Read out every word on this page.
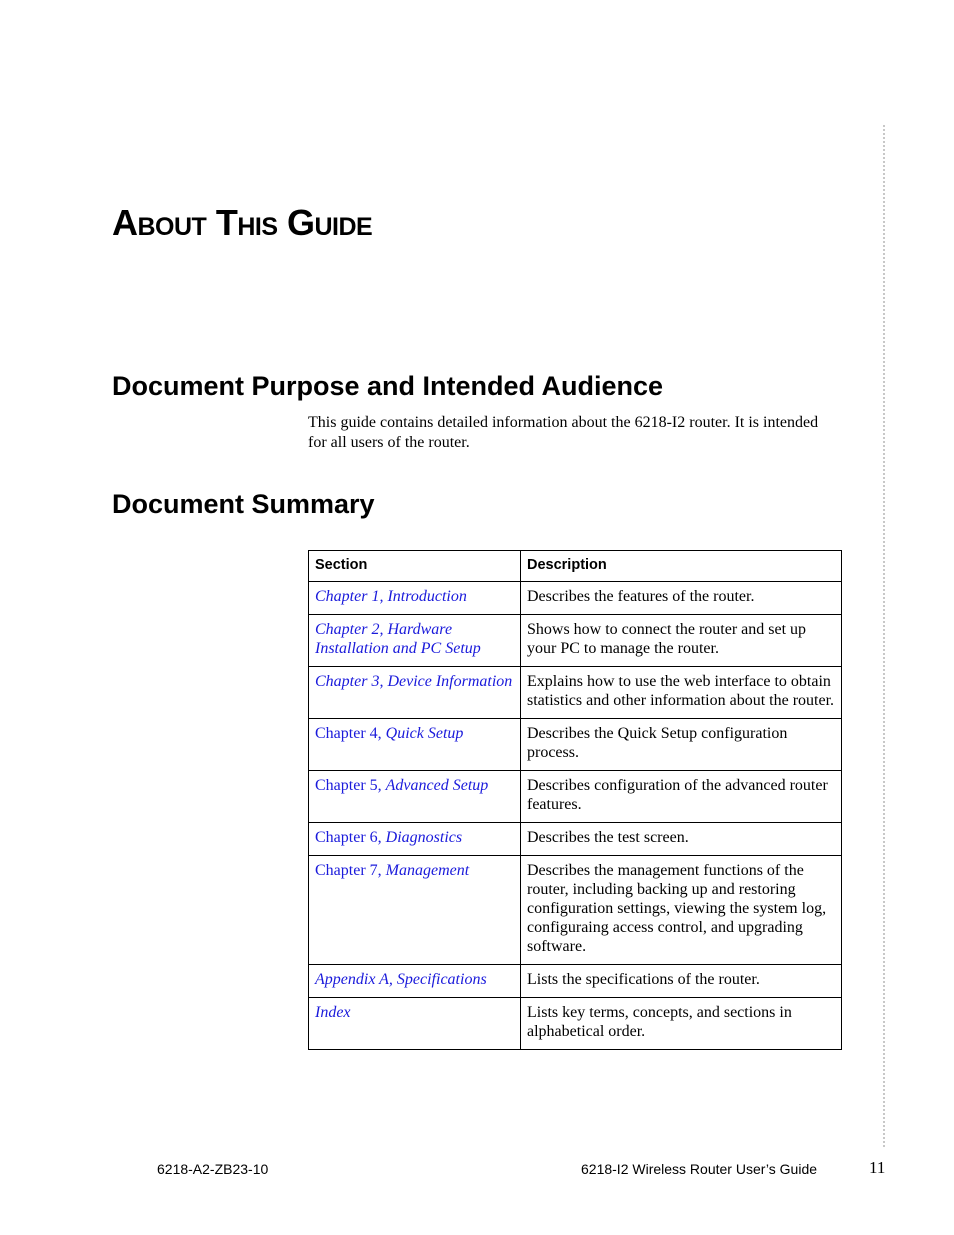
About This Guide
Document Purpose and Intended Audience

This guide contains detailed information about the 6218-I2 router. It is intended for all users of the router.

Document Summary
Section	Description
Chapter 1, Introduction	Describes the features of the router.
Chapter 2, Hardware Installation and PC Setup	Shows how to connect the router and set up your PC to manage the router.
Chapter 3, Device Information	Explains how to use the web interface to obtain statistics and other information about the router.
Chapter 4, Quick Setup	Describes the Quick Setup configuration process.
Chapter 5, Advanced Setup	Describes configuration of the advanced router features.
Chapter 6, Diagnostics	Describes the test screen.
Chapter 7, Management	Describes the management functions of the router, including backing up and restoring configuration settings, viewing the system log, configuraing access control, and upgrading software.
Appendix A, Specifications	Lists the specifications of the router.
Index	Lists key terms, concepts, and sections in alphabetical order.
6218-A2-ZB23-10	6218-I2 Wireless Router User’s Guide	11
